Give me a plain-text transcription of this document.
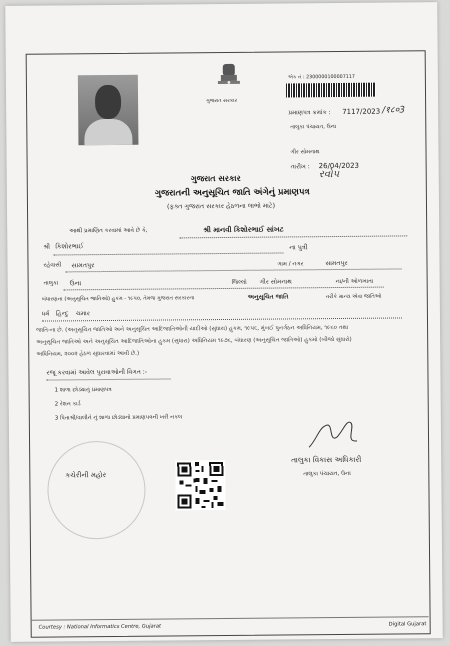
ગુજરાત સરકાર
એક નં : 2300000100007117
પ્રમાણપત્ર ક્રમાંક : 7117/2023 /१८०3
તાલુકા પંચાયત, ઉના
ગીર સોમનાથ
તારીખ : 26/04/2023
રવોપ
ગુજરાત સરકાર
ગુજરાતની અનુસૂચિત જાતિ અંગેનું પ્રમાણપત્ર
(ફક્ત ગુજરાત સરકાર હેઠળના લાભો માટે)
આથી પ્રમાણિત કરવામાં આવે છે કે,	શ્રી માનવી કિશોરભાઈ સાંખટ
શ્રી કિશોરભાઈ	ના પુત્રી
રહેવાસી સામતપુર	ગામ / નગર	સામતપુર
તાલુકા ઉના	જિલ્લો ગીર સોમનાથ	ના/ની ઓળખાતા
બંધારણના (અનુસૂચિત જાતિઓ) હુકમ - ૧૯૫૦, તેમજ ગુજરાત સરકારના	અનુસૂચિત જાતિ	તરીકે માન્ય એવા જાતિઓ
ધર્મ હિન્દુ ચમાર
જાતિ-ના છે. (અનુસૂચિત જાતિઓ અને અનુસૂચિત આદિજાતિઓની યાદીઓ (સુધારા) હુકમ, ૧૯૫૬, મુંબઈ પુનર્ગઠન અધિનિયમ, ૧૯૬૦ તથા
અનુસૂચિત જાતિઓ અને અનુસૂચિત આદિજાતિઓના હુકમ (સુધારા) અધિનિયમ ૧૯૭૬, બંધારણ (અનુસૂચિત જાતિઓ) હુકમો (બીજો સુધારો)
અધિનિયમ, ૨૦૦૨ હેઠળ સુધારવામાં આવી છે.)
રજૂ કરવામાં આવેલ પુરાવાઓની વિગત :-
1 શાળા છોડ્યાનું પ્રમાણપત્ર
2 રેશન કાર્ડ
3 પિતાશ્રી/વાલીને નું શાળા છોડ્યાનો પ્રમાણપત્રની ખરી નકલ
કચેરીની મહોર
તાલુકા વિકાસ અધિકારી
તાલુકા પંચાયત, ઉના
Courtesy : National Informatics Centre, Gujarat	Digital Gujarat
